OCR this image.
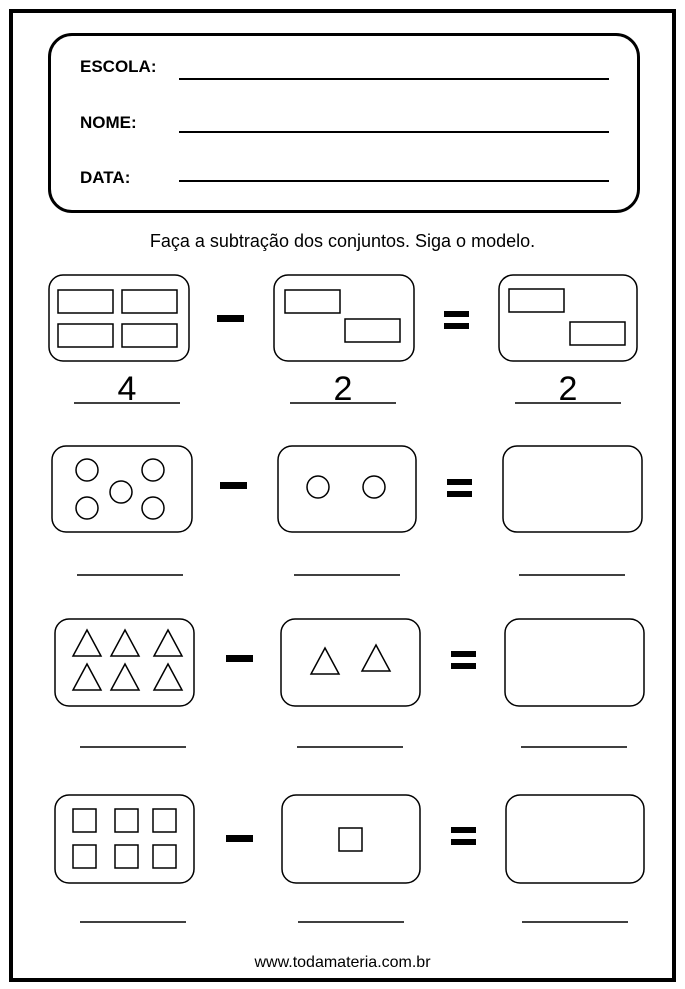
ESCOLA:
NOME:
DATA:
Faça a subtração dos conjuntos. Siga o modelo.
4	2	2
www.todamateria.com.br
